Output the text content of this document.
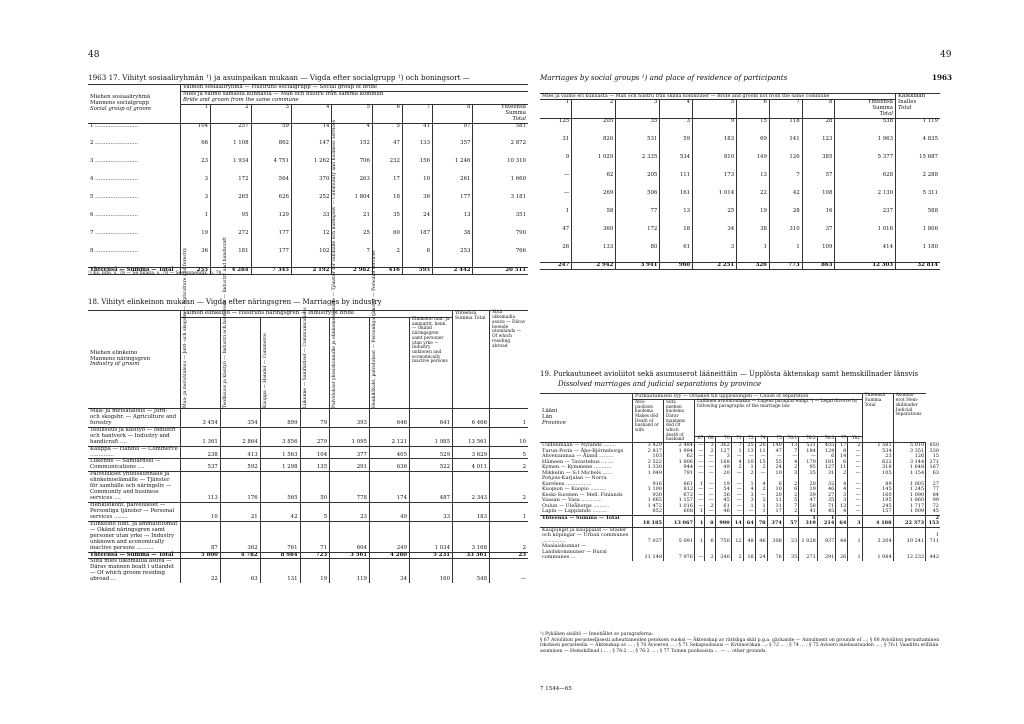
48
1963 17. Vihityt sosiaaliryhmän ¹) ja asuinpaikan mukaan — Vigda efter socialgrupp ¹) och boningsort —
Miehen sosiaaliryhmä
Mannens socialgrupp
Social group of groom	Vaimon sosiaaliryhmä — Hustruns socialgrupp — Social group of bride								

	Mies ja vaimo samasta kunnasta — Man och hustru från samma kommun
Bride and groom from the same commune								

	1	2	3	4	5	6	7	8	Yhteensä
Summa
Total

1 .........................	104	257	59	14	4	5	41	97	581
2 .........................	66	1 108	862	147	152	47	133	357	2 872
3 .........................	23	1 934	4 751	1 262	706	232	156	1 246	10 310
4 .........................	3	172	564	370	263	17	10	261	1 660
5 .........................	3	265	626	252	1 804	18	36	177	3 181
6 .........................	1	95	129	33	21	35	24	13	351
7 .........................	19	272	177	12	25	60	187	38	790
8 .........................	36	181	177	102	7	2	8	253	766
Yhteensä — Summa — Total	255	4 284	7 345	2 192	2 982	416	595	2 442	20 511
¹) Ks. liite, s. 78 — Se bilaga, s. 78 — See appendix, p. 78.
18. Vihityt elinkeinon mukaan — Vigda efter näringsgren — Marriages by industry
Miehen elinkeino
Mannens näringsgren
Industry of groom	Vaimon elinkeino — Hustruns näringsgren — Industry of bride							Yhteensä Summa Total	Siitä ulkomailla asuva — Därav boende utomlands — Of which residing abroad

	Maa- ja metsätalous — Jord- och skogsbr. — Agriculture and forestry	Teollisuus ja käsityö — Industri och hant- verk — Industry and handicraft	Kauppa — Handel — Commerce	Liikenne — Samfärdsel — Communications	Palvelukset yhteiskunnalle ja elinkeinoelämälle — Tjänster för samhälle och näringsliv — Community and business services	Henkilökoht. palvelukset — Personliga tjänster — Personal services	Elinkeino tunt. ja ammatitt. henk. — Okänd näringsgren samt personer utan yrke — Industry unknown and economically inactive persons		
Maa- ja metsätalous — Jord- och skogsbr. — Agriculture and forestry	3 454	354	899	79	393	646	641	6 466	1
Teollisuus ja käsityö — Industri och hantverk — Industry and handicraft ....	1 361	2 864	3 856	279	1 095	2 121	1 985	13 561	10
Kauppa — Handel — Commerce ..............	238	413	1 563	104	377	405	529	3 629	5
Liikenne — Samfärdsel — Communications ....	537	592	1 298	135	291	636	522	4 011	2
Palvelukset yhteiskunnalle ja elinkeinoelämälle — Tjänster för samhälle och näringsliv — Community and business services ....	113	176	565	50	778	174	487	2 343	2
Henkilökoht. palvelukset — Personliga tjänster — Personal services ........	10	21	42	5	23	49	33	183	1
Elinkeino tunt. ja ammatittomat — Okänd näringsgren samt personer utan yrke — Industry unknown and economically inactive persons ..........	87	362	761	71	604	249	1 034	3 168	2
Yhteensä — Summa — Total	5 800	4 782	8 984	723	3 561	4 280	5 231	33 361	23
Siitä mies ulkomailla asuva — Därav mannen boatt i utlandet — Of which groom residing abroad ...	22	63	131	19	119	34	160	548	—
49
Marriages by social groups ¹) and place of residence of participants	1963
Mies ja vaimo eri kunnasta — Man och hustru från skilda kommuner — Bride and groom not from the same commune									Kaikkiaan
Inalles
Total

1	2	3	4	5	6	7	8	Yhteensä
Summa
Total	

125	205	35	3	9	15	118	28	538	1 119
31	826	531	59	183	69	141	123	1 963	4 835
9	1 029	2 335	534	810	149	126	385	5 377	15 687
—	62	205	111	173	13	7	57	628	2 288
—	269	506	161	1 014	22	42	108	2 130	5 311
1	58	77	13	25	19	28	16	237	588
47	360	172	18	34	38	310	37	1 016	1 806
26	133	80	61	3	1	1	109	414	1 180
247	2 942	3 941	960	2 251	326	773	863	12 303	32 814
19. Purkautuneet avioliitot sekä asumuserot lääneittäin — Upplösta äktenskap samt hemskillnader länsvis
Dissolved marriages and judicial separations by province
Lääni
Län
Province	Purkautumisen syy — Orsaken till upplösningen — Cause of separation														Yhteensä Summa Total	Asumus- erot Hem- skillnader Judicial separations	
	Avio- puolison kuolema Makes död Death of husband or wife	Siitä miehen kuolema Därav mannens död Of which death of husband	Laillinen avioliitonlakko — Lagens paragraf enligt ¹) — Legal divorce by following paragraphs of the marriage law														
			67	68	70	71	72	74	75	76:1	76:2	76:3	77	Yht.			
Uudenmaan — Nylands ........	3 429	2 484	—	3	362	7	25	26	140	13	531	455	17	2	1 581	5 010	850
Turun-Porin — Åbo-Björneborgs	2 817	1 994	—	2	127	1	13	11	47	7	184	124	8	—	534	3 351	330
Ahvenanmaa — Åland .........	103	62	—	—	3	—	—	—	—	—	—	6	14	—	23	126	15
Hämeen — Tavastehus ........	2 522	1 806	—	—	168	4	10	15	55	4	179	181	6	—	622	3 144	271
Kymen — Kymmene ...........	1 330	944	—	—	49	2	1	2	24	2	95	127	11	—	318	1 648	167
Mikkelin — S:t Michels ......	1 049	791	—	—	20	—	2	—	10	3	35	31	2	—	105	1 154	63
Pohjois-Karjalan — Norra Karelens ................	916	661	1	—	19	—	1	4	6	2	20	32	4	—	89	1 005	27
Kuopion — Kuopio ..........	1 100	812	—	—	54	—	4	2	10	6	19	46	4	—	145	1 245	77
Keski-Suomen — Mell. Finlands	930	672	—	—	36	—	3	—	20	2	39	27	3	—	160	1 090	84
Vaasan — Vasa .............	1 665	1 157	—	—	45	—	3	2	11	5	47	35	3	—	195	1 860	99
Oulun — Uleåborgs ..........	1 472	1 016	—	2	61	—	1	1	31	7	58	71	13	—	245	1 717	72
Lapin — Lapplands .........	852	608	1	—	46	—	—	1	17	2	41	45	4	—	157	1 009	45
Yhteensä — Summa — Total	18 185	13 067	1	8	990	14	64	78	374	57	1 319	1 214	64	3	4 188	22 373	2 153
Kaupungit ja kauppalat — Städer och köpingar — Urban communes ...............	7 037	5 091	1	6	750	12	48	46	308	23	1 028	937	44	1	3 204	10 241	1 711
Maalaiskunnat — Landskommuner — Rural communes ...	11 148	7 976	—	2	240	2	16	24	76	35	271	291	26	1	1 084	12 232	442
¹) Pykälien sisältö — Innehållet av paragraferna:
§ 67 Avioliiton perusteellisesti aiheuttaneiden petoksen vuoksi — Äktenskap av rättsliga skäl p.g.a. gäckande — Annulment on grounds of ...; § 68 Avioliiton peruuttaminen rikoksen perusteella — Äktenskap av ... ; § 70 Avioeron ... ; § 71 Sekapuolisuus — Kvinnoräkan ...; § 72 ... ; § 74 ... ; § 75 Avioero mielisairauden ... ; § 76:1 Vaadittu erillään asuminen — Hemskillnad i ... ; § 76:2 ...; § 76:3 ... ; § 77 Toinen puolisoista ... — ... other grounds.
7 1544—65
